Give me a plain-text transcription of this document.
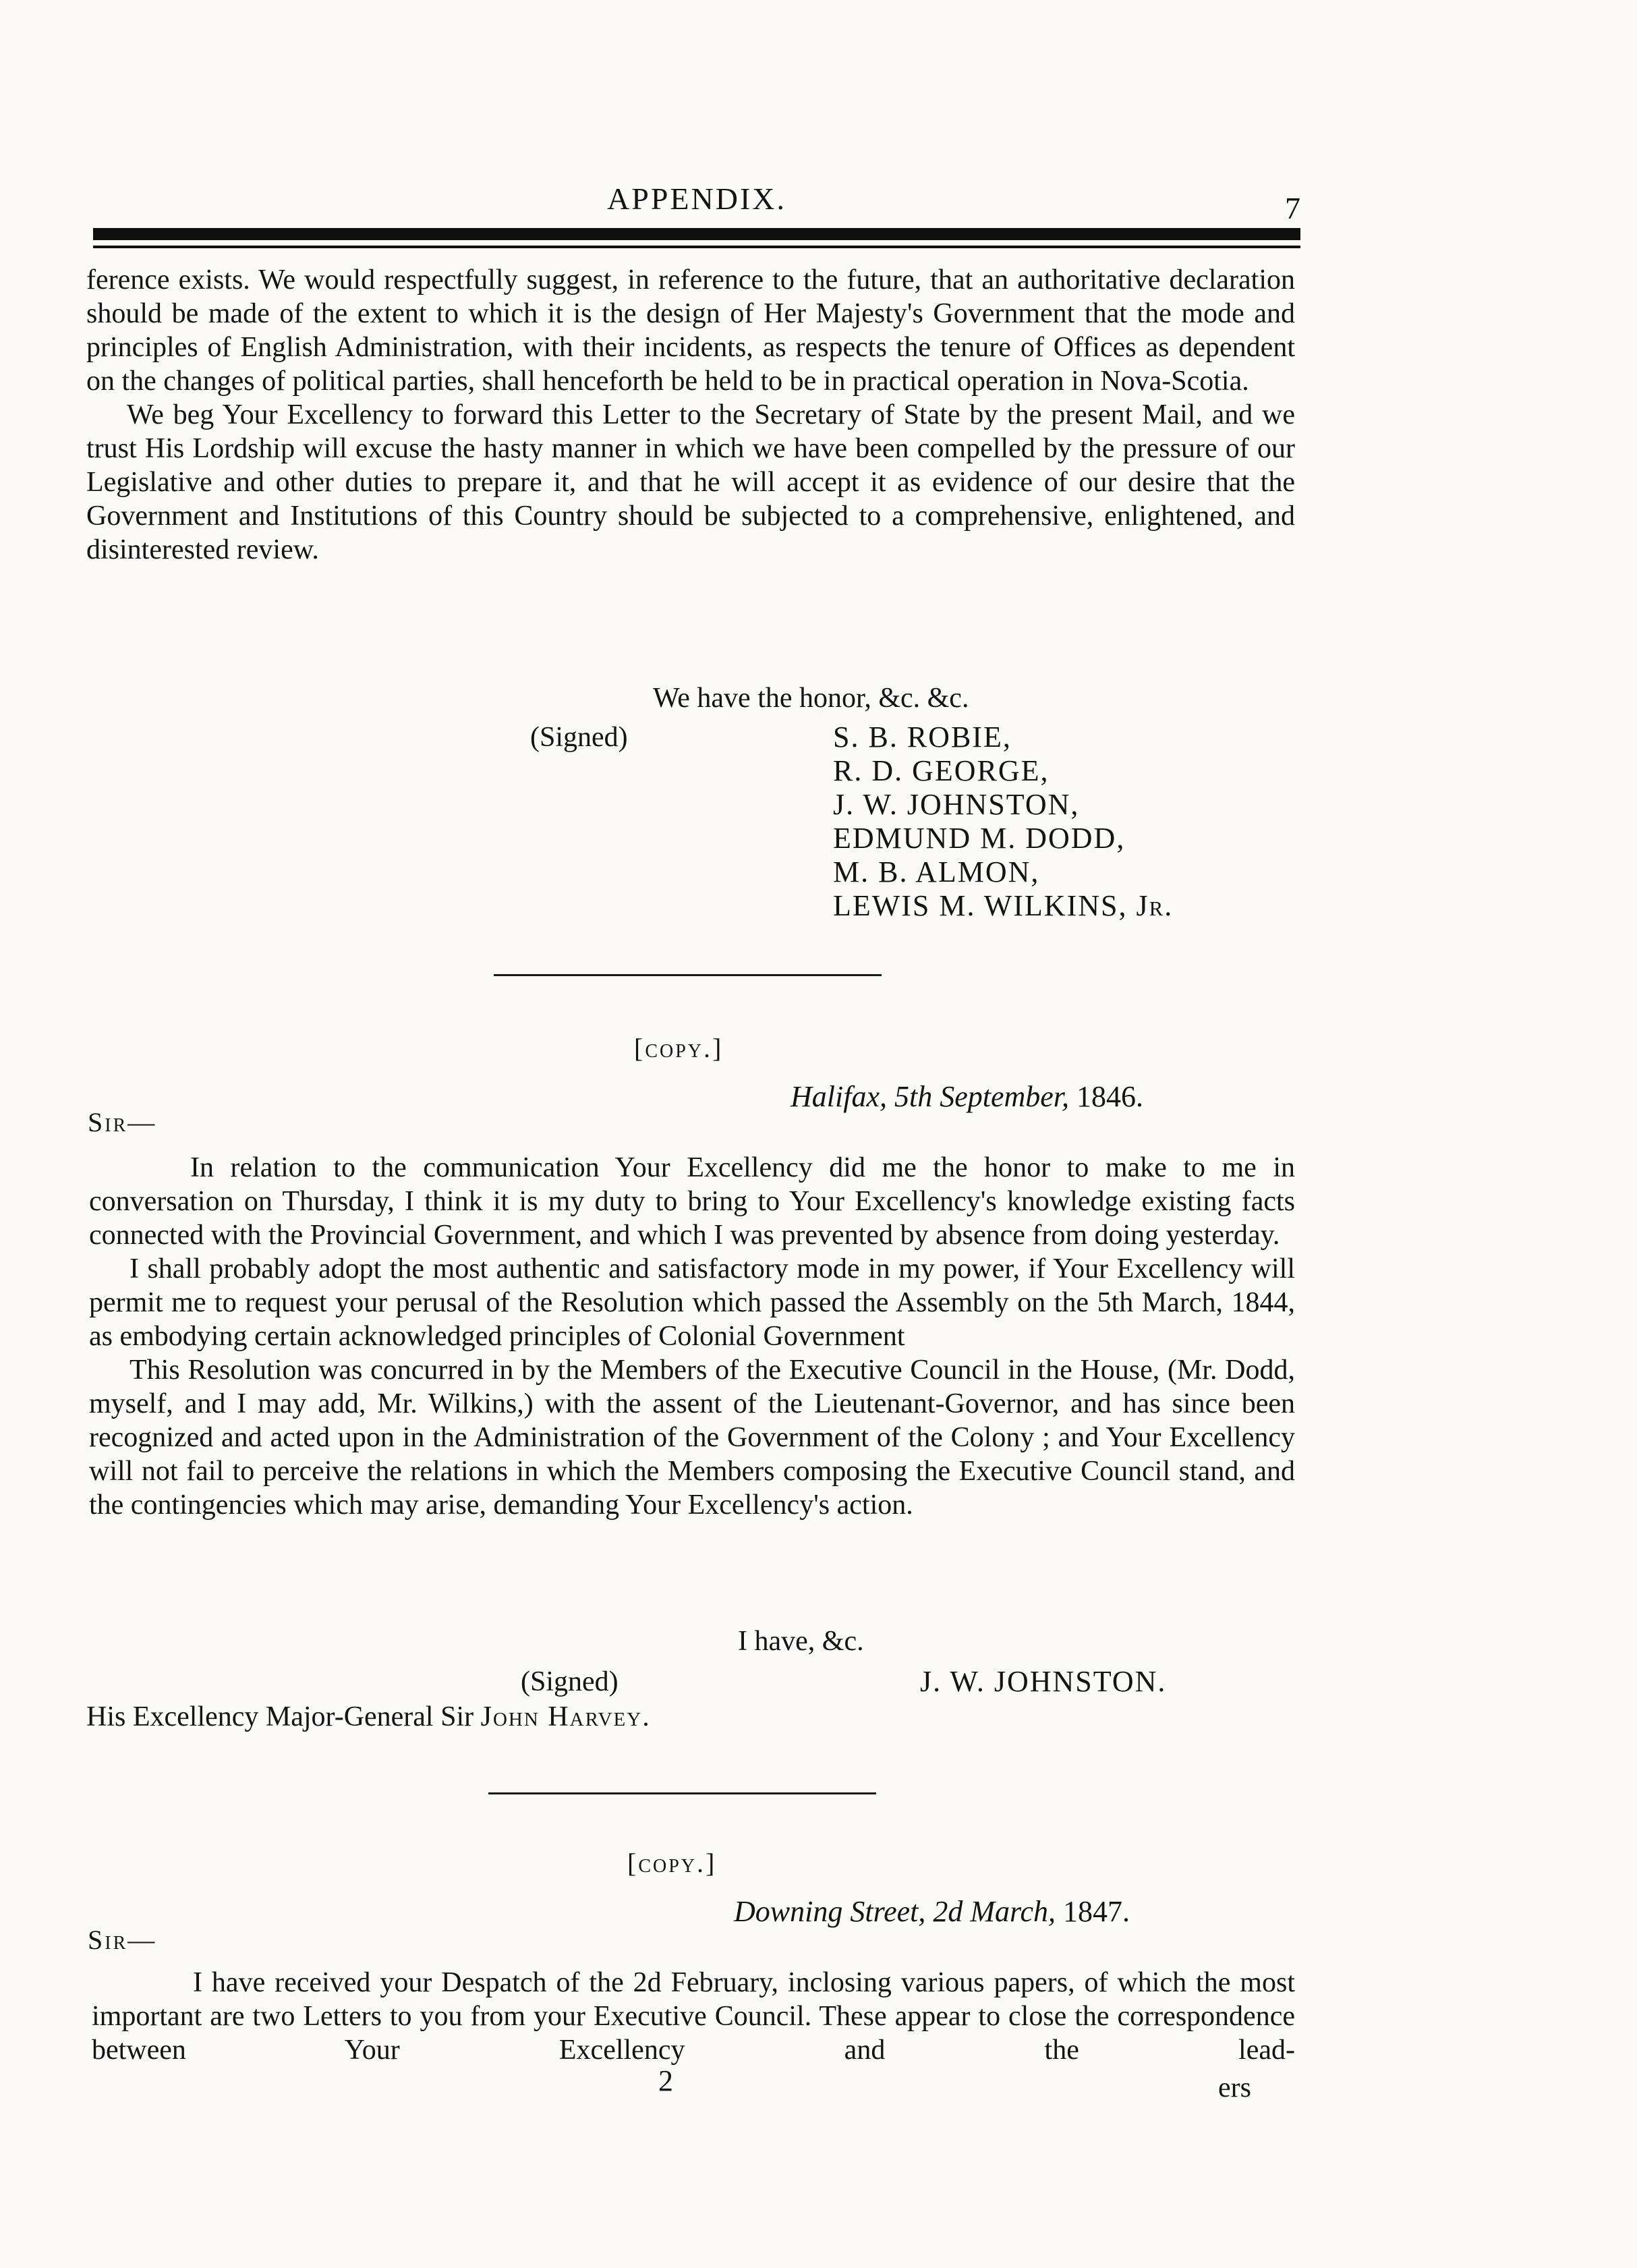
APPENDIX.	7

ference exists. We would respectfully suggest, in reference to the future, that an authoritative declaration should be made of the extent to which it is the design of Her Majesty's Government that the mode and principles of English Administration, with their incidents, as respects the tenure of Offices as dependent on the changes of political parties, shall henceforth be held to be in practical operation in Nova-Scotia.

We beg Your Excellency to forward this Letter to the Secretary of State by the present Mail, and we trust His Lordship will excuse the hasty manner in which we have been compelled by the pressure of our Legislative and other duties to prepare it, and that he will accept it as evidence of our desire that the Government and Institutions of this Country should be subjected to a comprehensive, enlightened, and disinterested review.

We have the honor, &c. &c.
(Signed)	S. B. ROBIE,
R. D. GEORGE,
J. W. JOHNSTON,
EDMUND M. DODD,
M. B. ALMON,
LEWIS M. WILKINS, Jr.
[copy.]
Halifax, 5th September, 1846.
Sir—

In relation to the communication Your Excellency did me the honor to make to me in conversation on Thursday, I think it is my duty to bring to Your Excellency's knowledge existing facts connected with the Provincial Government, and which I was prevented by absence from doing yesterday.

I shall probably adopt the most authentic and satisfactory mode in my power, if Your Excellency will permit me to request your perusal of the Resolution which passed the Assembly on the 5th March, 1844, as embodying certain acknowledged principles of Colonial Government

This Resolution was concurred in by the Members of the Executive Council in the House, (Mr. Dodd, myself, and I may add, Mr. Wilkins,) with the assent of the Lieutenant-Governor, and has since been recognized and acted upon in the Administration of the Government of the Colony ; and Your Excellency will not fail to perceive the relations in which the Members composing the Executive Council stand, and the contingencies which may arise, demanding Your Excellency's action.

I have, &c.
(Signed)	J. W. JOHNSTON.
His Excellency Major-General Sir John Harvey.
[copy.]
Downing Street, 2d March, 1847.
Sir—

I have received your Despatch of the 2d February, inclosing various papers, of which the most important are two Letters to you from your Executive Council. These appear to close the correspondence between Your Excellency and the lead-

2	ers
